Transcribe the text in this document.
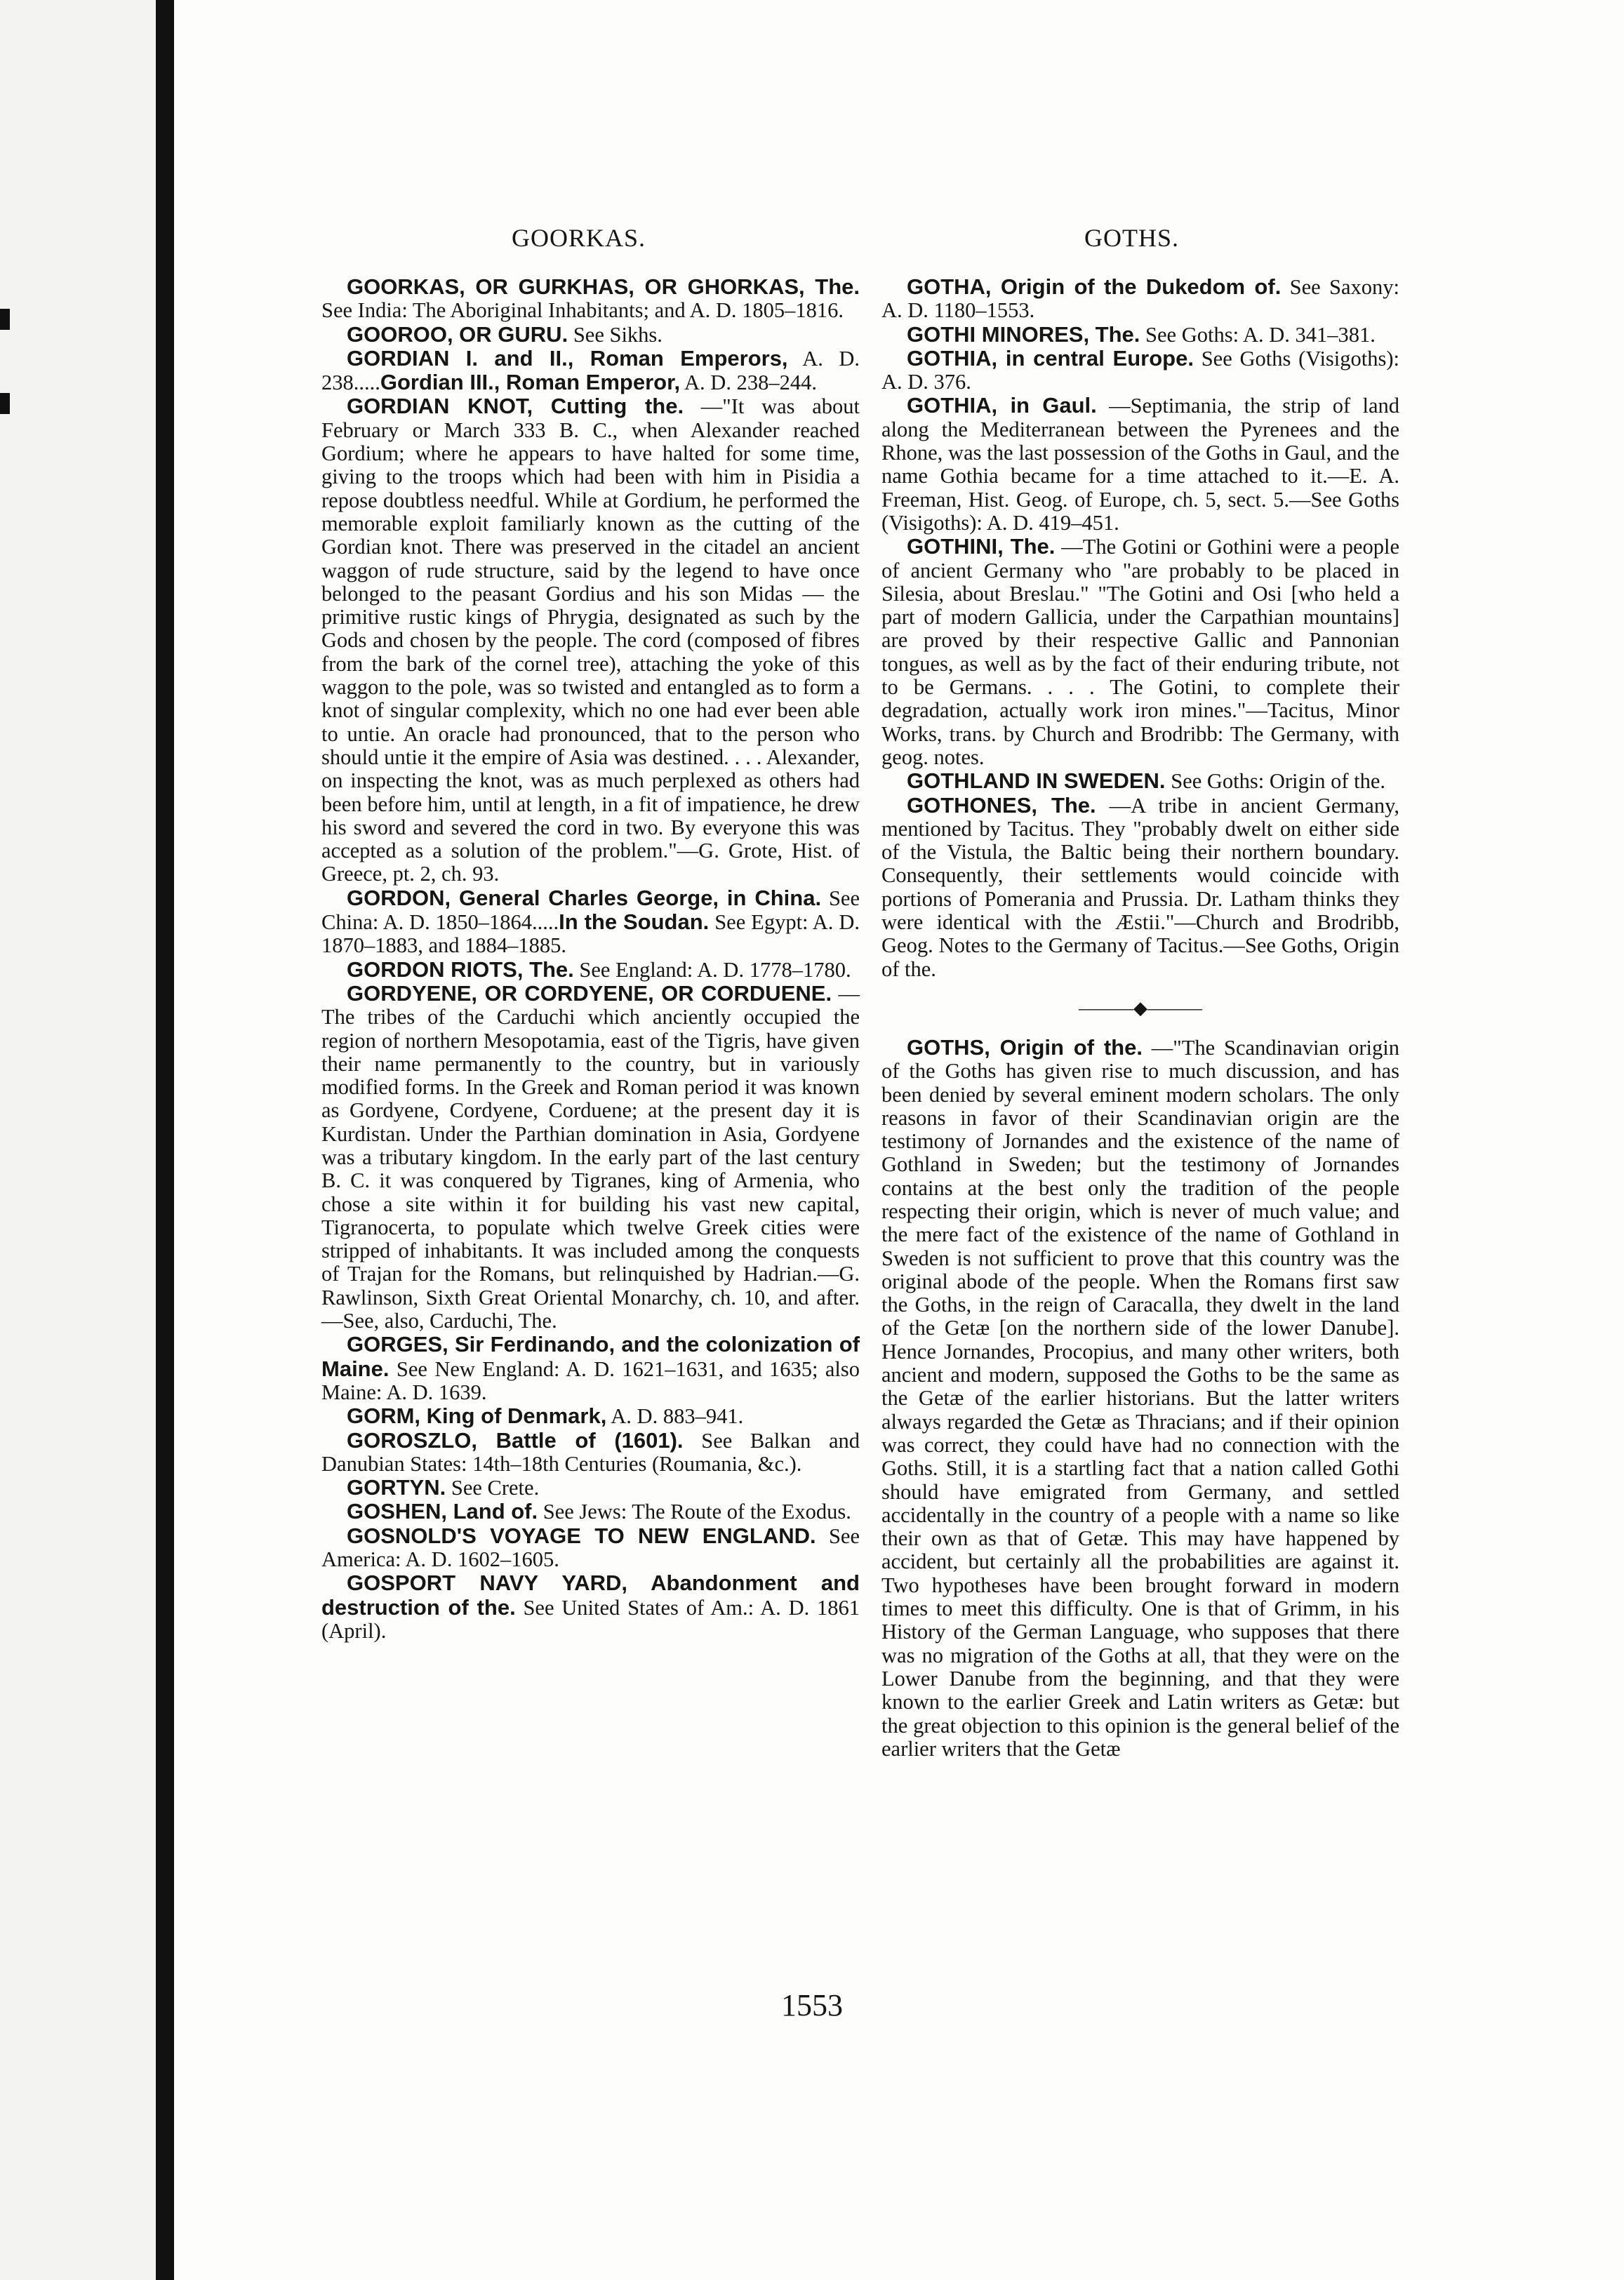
GOORKAS.	GOTHS.

GOORKAS, OR GURKHAS, OR GHORKAS, The. See India: The Aboriginal Inhabitants; and A. D. 1805–1816.

GOOROO, OR GURU. See Sikhs.

GORDIAN I. and II., Roman Emperors, A. D. 238.....Gordian III., Roman Emperor, A. D. 238–244.

GORDIAN KNOT, Cutting the. —"It was about February or March 333 B. C., when Alexander reached Gordium; where he appears to have halted for some time, giving to the troops which had been with him in Pisidia a repose doubtless needful. While at Gordium, he performed the memorable exploit familiarly known as the cutting of the Gordian knot. There was preserved in the citadel an ancient waggon of rude structure, said by the legend to have once belonged to the peasant Gordius and his son Midas — the primitive rustic kings of Phrygia, designated as such by the Gods and chosen by the people. The cord (composed of fibres from the bark of the cornel tree), attaching the yoke of this waggon to the pole, was so twisted and entangled as to form a knot of singular complexity, which no one had ever been able to untie. An oracle had pronounced, that to the person who should untie it the empire of Asia was destined. . . . Alexander, on inspecting the knot, was as much perplexed as others had been before him, until at length, in a fit of impatience, he drew his sword and severed the cord in two. By everyone this was accepted as a solution of the problem."—G. Grote, Hist. of Greece, pt. 2, ch. 93.

GORDON, General Charles George, in China. See China: A. D. 1850–1864.....In the Soudan. See Egypt: A. D. 1870–1883, and 1884–1885.

GORDON RIOTS, The. See England: A. D. 1778–1780.

GORDYENE, OR CORDYENE, OR CORDUENE. —The tribes of the Carduchi which anciently occupied the region of northern Mesopotamia, east of the Tigris, have given their name permanently to the country, but in variously modified forms. In the Greek and Roman period it was known as Gordyene, Cordyene, Corduene; at the present day it is Kurdistan. Under the Parthian domination in Asia, Gordyene was a tributary kingdom. In the early part of the last century B. C. it was conquered by Tigranes, king of Armenia, who chose a site within it for building his vast new capital, Tigranocerta, to populate which twelve Greek cities were stripped of inhabitants. It was included among the conquests of Trajan for the Romans, but relinquished by Hadrian.—G. Rawlinson, Sixth Great Oriental Monarchy, ch. 10, and after.—See, also, Carduchi, The.

GORGES, Sir Ferdinando, and the colonization of Maine. See New England: A. D. 1621–1631, and 1635; also Maine: A. D. 1639.

GORM, King of Denmark, A. D. 883–941.

GOROSZLO, Battle of (1601). See Balkan and Danubian States: 14th–18th Centuries (Roumania, &c.).

GORTYN. See Crete.

GOSHEN, Land of. See Jews: The Route of the Exodus.

GOSNOLD'S VOYAGE TO NEW ENGLAND. See America: A. D. 1602–1605.

GOSPORT NAVY YARD, Abandonment and destruction of the. See United States of Am.: A. D. 1861 (April).

GOTHA, Origin of the Dukedom of. See Saxony: A. D. 1180–1553.

GOTHI MINORES, The. See Goths: A. D. 341–381.

GOTHIA, in central Europe. See Goths (Visigoths): A. D. 376.

GOTHIA, in Gaul. —Septimania, the strip of land along the Mediterranean between the Pyrenees and the Rhone, was the last possession of the Goths in Gaul, and the name Gothia became for a time attached to it.—E. A. Freeman, Hist. Geog. of Europe, ch. 5, sect. 5.—See Goths (Visigoths): A. D. 419–451.

GOTHINI, The. —The Gotini or Gothini were a people of ancient Germany who "are probably to be placed in Silesia, about Breslau." "The Gotini and Osi [who held a part of modern Gallicia, under the Carpathian mountains] are proved by their respective Gallic and Pannonian tongues, as well as by the fact of their enduring tribute, not to be Germans. . . . The Gotini, to complete their degradation, actually work iron mines."—Tacitus, Minor Works, trans. by Church and Brodribb: The Germany, with geog. notes.

GOTHLAND IN SWEDEN. See Goths: Origin of the.

GOTHONES, The. —A tribe in ancient Germany, mentioned by Tacitus. They "probably dwelt on either side of the Vistula, the Baltic being their northern boundary. Consequently, their settlements would coincide with portions of Pomerania and Prussia. Dr. Latham thinks they were identical with the Æstii."—Church and Brodribb, Geog. Notes to the Germany of Tacitus.—See Goths, Origin of the.

———◆———

GOTHS, Origin of the. —"The Scandinavian origin of the Goths has given rise to much discussion, and has been denied by several eminent modern scholars. The only reasons in favor of their Scandinavian origin are the testimony of Jornandes and the existence of the name of Gothland in Sweden; but the testimony of Jornandes contains at the best only the tradition of the people respecting their origin, which is never of much value; and the mere fact of the existence of the name of Gothland in Sweden is not sufficient to prove that this country was the original abode of the people. When the Romans first saw the Goths, in the reign of Caracalla, they dwelt in the land of the Getæ [on the northern side of the lower Danube]. Hence Jornandes, Procopius, and many other writers, both ancient and modern, supposed the Goths to be the same as the Getæ of the earlier historians. But the latter writers always regarded the Getæ as Thracians; and if their opinion was correct, they could have had no connection with the Goths. Still, it is a startling fact that a nation called Gothi should have emigrated from Germany, and settled accidentally in the country of a people with a name so like their own as that of Getæ. This may have happened by accident, but certainly all the probabilities are against it. Two hypotheses have been brought forward in modern times to meet this difficulty. One is that of Grimm, in his History of the German Language, who supposes that there was no migration of the Goths at all, that they were on the Lower Danube from the beginning, and that they were known to the earlier Greek and Latin writers as Getæ: but the great objection to this opinion is the general belief of the earlier writers that the Getæ

1553
